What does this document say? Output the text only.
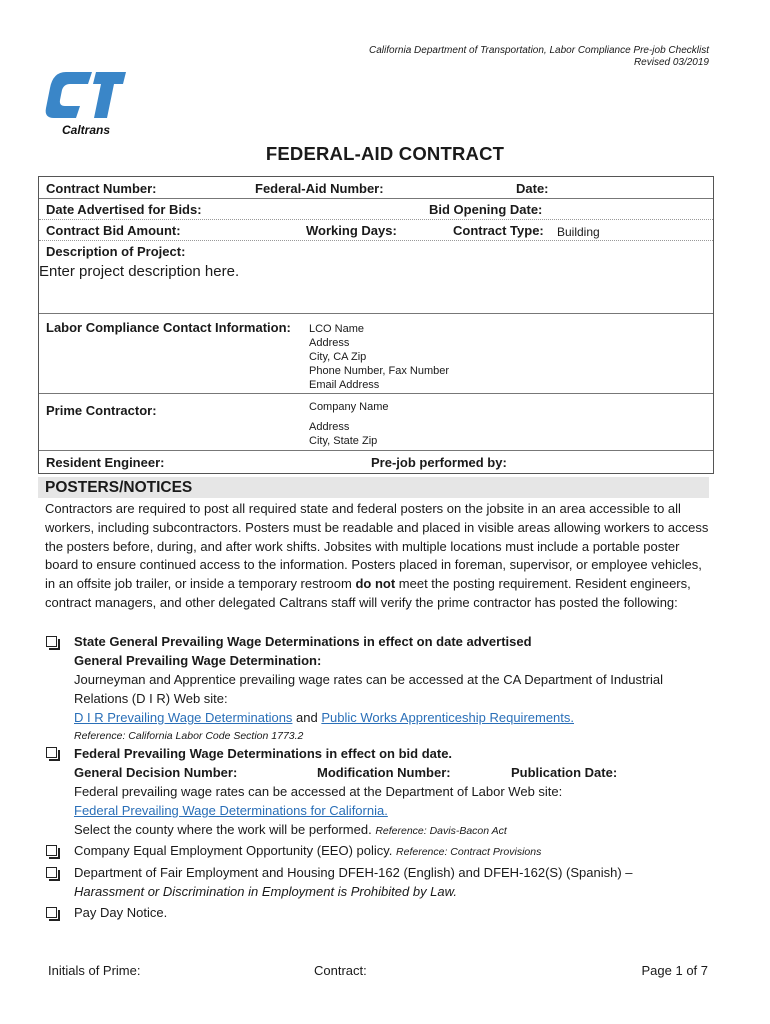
California Department of Transportation, Labor Compliance Pre-job Checklist
Revised 03/2019
Caltrans
FEDERAL-AID CONTRACT
Contract Number:	Federal-Aid Number:	Date:
Date Advertised for Bids:	Bid Opening Date:
Contract Bid Amount:	Working Days:	Contract Type: Building
Description of Project:
Enter project description here.
Labor Compliance Contact Information: LCO Name
Address
City, CA Zip
Phone Number, Fax Number
Email Address
Prime Contractor:	Company Name
Address
City, State Zip
Resident Engineer:	Pre-job performed by:
POSTERS/NOTICES
Contractors are required to post all required state and federal posters on the jobsite in an area accessible to all workers, including subcontractors. Posters must be readable and placed in visible areas allowing workers to access the posters before, during, and after work shifts. Jobsites with multiple locations must include a portable poster board to ensure continued access to the information. Posters placed in foreman, supervisor, or employee vehicles, in an offsite job trailer, or inside a temporary restroom do not meet the posting requirement. Resident engineers, contract managers, and other delegated Caltrans staff will verify the prime contractor has posted the following:
State General Prevailing Wage Determinations in effect on date advertised
General Prevailing Wage Determination:
Journeyman and Apprentice prevailing wage rates can be accessed at the CA Department of Industrial
Relations (D I R) Web site:
D I R Prevailing Wage Determinations and Public Works Apprenticeship Requirements.
Reference: California Labor Code Section 1773.2
Federal Prevailing Wage Determinations in effect on bid date.
General Decision Number:	Modification Number:	Publication Date:
Federal prevailing wage rates can be accessed at the Department of Labor Web site:
Federal Prevailing Wage Determinations for California.
Select the county where the work will be performed. Reference: Davis-Bacon Act
Company Equal Employment Opportunity (EEO) policy. Reference: Contract Provisions
Department of Fair Employment and Housing DFEH-162 (English) and DFEH-162(S) (Spanish) –
Harassment or Discrimination in Employment is Prohibited by Law.
Pay Day Notice.
Initials of Prime:	Contract:	Page 1 of 7
